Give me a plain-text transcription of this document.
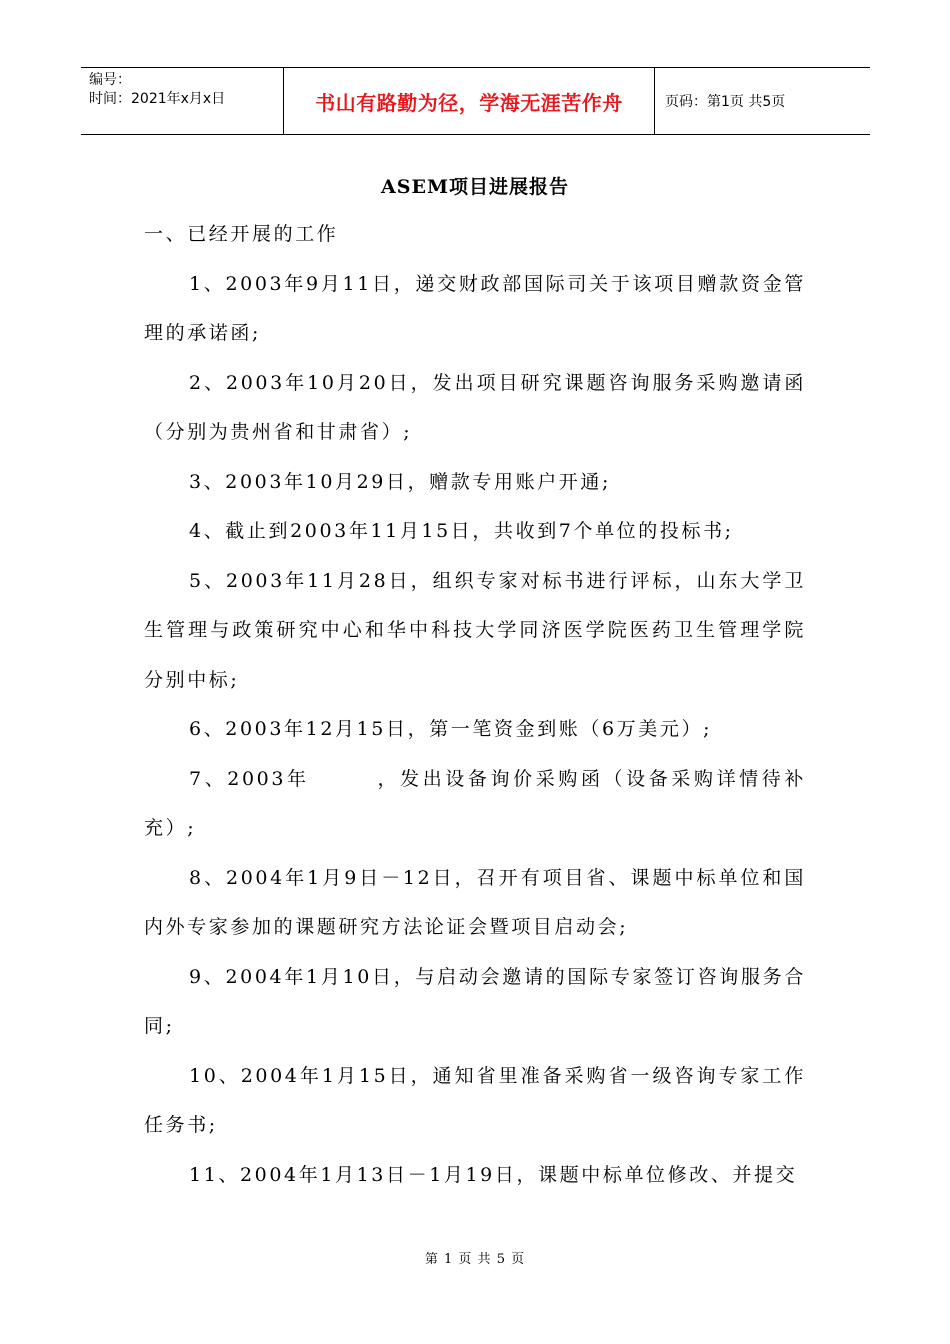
编号：
时间：2021年x月x日	书山有路勤为径，学海无涯苦作舟	页码：第1页 共5页
ASEM项目进展报告

一、已经开展的工作

1、2003年9月11日，递交财政部国际司关于该项目赠款资金管理的承诺函;

2、2003年10月20日，发出项目研究课题咨询服务采购邀请函（分别为贵州省和甘肃省）;

3、2003年10月29日，赠款专用账户开通;

4、截止到2003年11月15日，共收到7个单位的投标书;

5、2003年11月28日，组织专家对标书进行评标，山东大学卫生管理与政策研究中心和华中科技大学同济医学院医药卫生管理学院分别中标;

6、2003年12月15日，第一笔资金到账（6万美元）;

7、2003年　　　，发出设备询价采购函（设备采购详情待补充）;

8、2004年1月9日－12日，召开有项目省、课题中标单位和国内外专家参加的课题研究方法论证会暨项目启动会;

9、2004年1月10日，与启动会邀请的国际专家签订咨询服务合同;

10、2004年1月15日，通知省里准备采购省一级咨询专家工作任务书;

11、2004年1月13日－1月19日，课题中标单位修改、并提交

第 1 页 共 5 页
